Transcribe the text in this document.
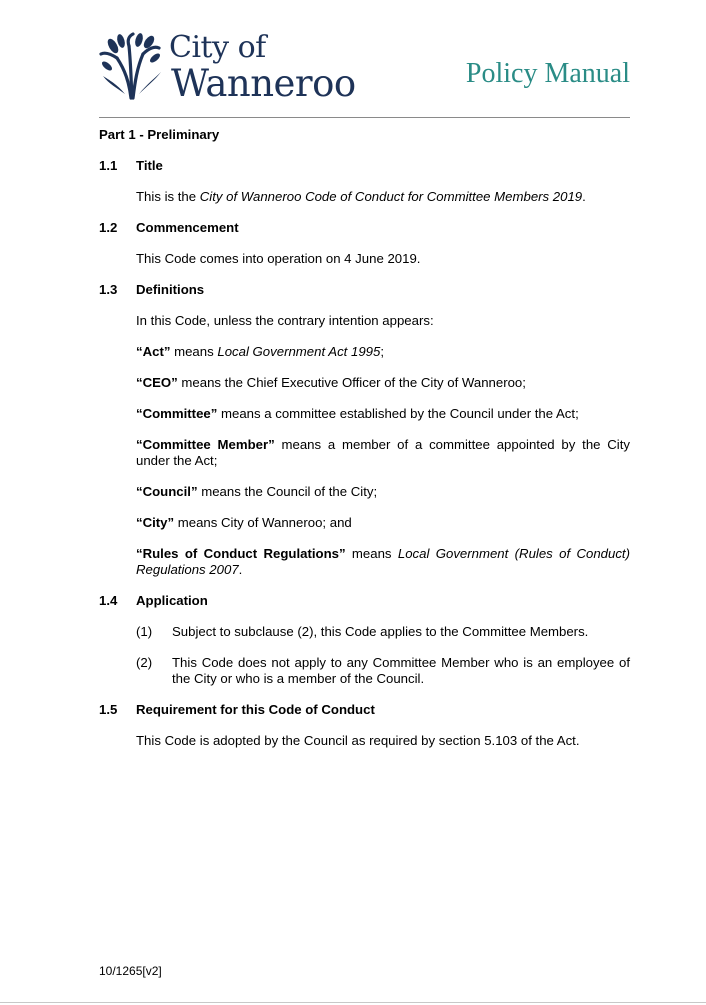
City of
Wanneroo	Policy Manual
Part 1 - Preliminary
1.1	Title

This is the City of Wanneroo Code of Conduct for Committee Members 2019.

1.2	Commencement

This Code comes into operation on 4 June 2019.

1.3	Definitions

In this Code, unless the contrary intention appears:

“Act” means Local Government Act 1995;

“CEO” means the Chief Executive Officer of the City of Wanneroo;

“Committee” means a committee established by the Council under the Act;

“Committee Member” means a member of a committee appointed by the City under the Act;

“Council” means the Council of the City;

“City” means City of Wanneroo; and

“Rules of Conduct Regulations” means Local Government (Rules of Conduct) Regulations 2007.

1.4	Application
(1)	Subject to subclause (2), this Code applies to the Committee Members.
(2)	This Code does not apply to any Committee Member who is an employee of the City or who is a member of the Council.
1.5	Requirement for this Code of Conduct

This Code is adopted by the Council as required by section 5.103 of the Act.

10/1265[v2]
